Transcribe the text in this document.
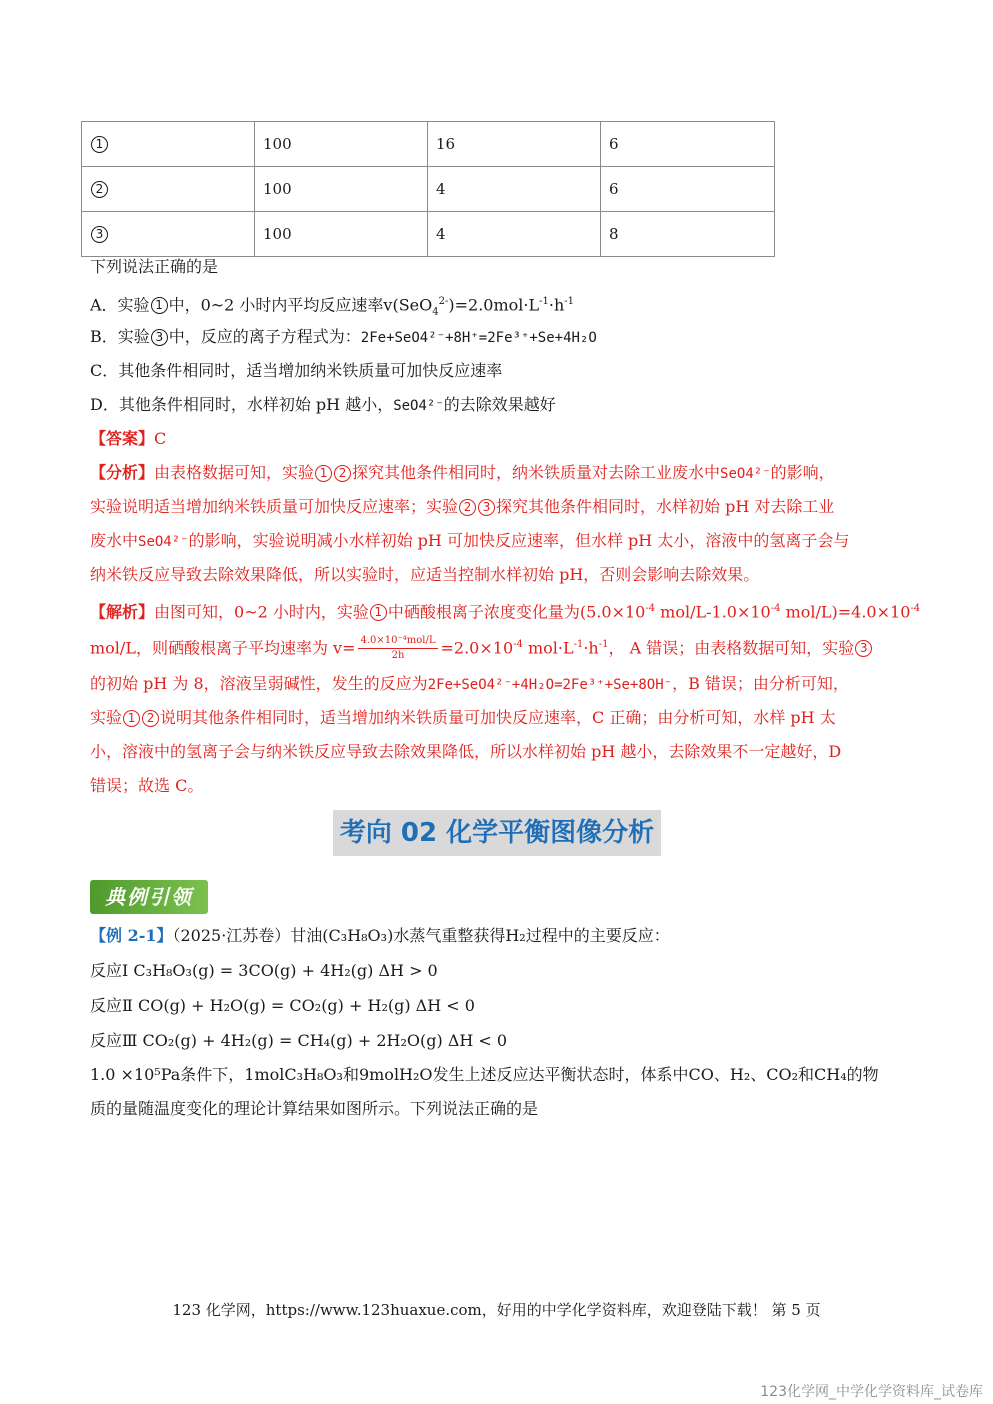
1	100	16	6
2	100	4	6
3	100	4	8
下列说法正确的是
A．实验 1 中，0~2 小时内平均反应速率$v(SeO_4^{2-})=2.0mol\cdot L^{-1}\cdot h^{-1}$
B．实验 3 中，反应的离子方程式为：2Fe+SeO4²⁻+8H⁺=2Fe³⁺+Se+4H₂O
C．其他条件相同时，适当增加纳米铁质量可加快反应速率
D．其他条件相同时，水样初始 pH 越小，SeO4²⁻的去除效果越好
【答案】C
【分析】由表格数据可知，实验 1 2 探究其他条件相同时，纳米铁质量对去除工业废水中SeO4²⁻的影响，
实验说明适当增加纳米铁质量可加快反应速率；实验 2 3 探究其他条件相同时，水样初始 pH 对去除工业
废水中SeO4²⁻的影响，实验说明减小水样初始 pH 可加快反应速率，但水样 pH 太小，溶液中的氢离子会与
纳米铁反应导致去除效果降低，所以实验时，应适当控制水样初始 pH，否则会影响去除效果。
【解析】由图可知，0~2 小时内，实验 1 中硒酸根离子浓度变化量为($5.0\times 10^{-4}$ mol/$L-1.0\times 10^{-4}$ mol/$L)=4.0\times 10^{-4}$
mol/L，则硒酸根离子平均速率为 $v= \frac{\text{4.0×10⁻⁴mol/L}}{2h} =2.0\times 10^{-4}$ $mol\cdot L^{-1}\cdot h^{-1}$， A 错误；由表格数据可知，实验 3
的初始 pH 为 8，溶液呈弱碱性，发生的反应为2Fe+SeO4²⁻+4H₂O=2Fe³⁺+Se+8OH⁻，B 错误；由分析可知，
实验 1 2 说明其他条件相同时，适当增加纳米铁质量可加快反应速率，C 正确；由分析可知，水样 pH 太
小，溶液中的氢离子会与纳米铁反应导致去除效果降低，所以水样初始 pH 越小，去除效果不一定越好，D
错误；故选 C。
考向 02 化学平衡图像分析
典例引领
【例 2-1】（2025·江苏卷）甘油(C₃H₈O₃)水蒸气重整获得H₂过程中的主要反应：
反应Ⅰ C₃H₈O₃(g) = 3CO(g) + 4H₂(g) ΔH > 0
反应Ⅱ CO(g) + H₂O(g) = CO₂(g) + H₂(g) ΔH < 0
反应Ⅲ CO₂(g) + 4H₂(g) = CH₄(g) + 2H₂O(g) ΔH < 0
1.0 ×10⁵Pa条件下，1molC₃H₈O₃和9molH₂O发生上述反应达平衡状态时，体系中CO、H₂、CO₂和CH₄的物
质的量随温度变化的理论计算结果如图所示。下列说法正确的是
123 化学网，https://www.123huaxue.com，好用的中学化学资料库，欢迎登陆下载！ 第 5 页
123化学网_中学化学资料库_试卷库
